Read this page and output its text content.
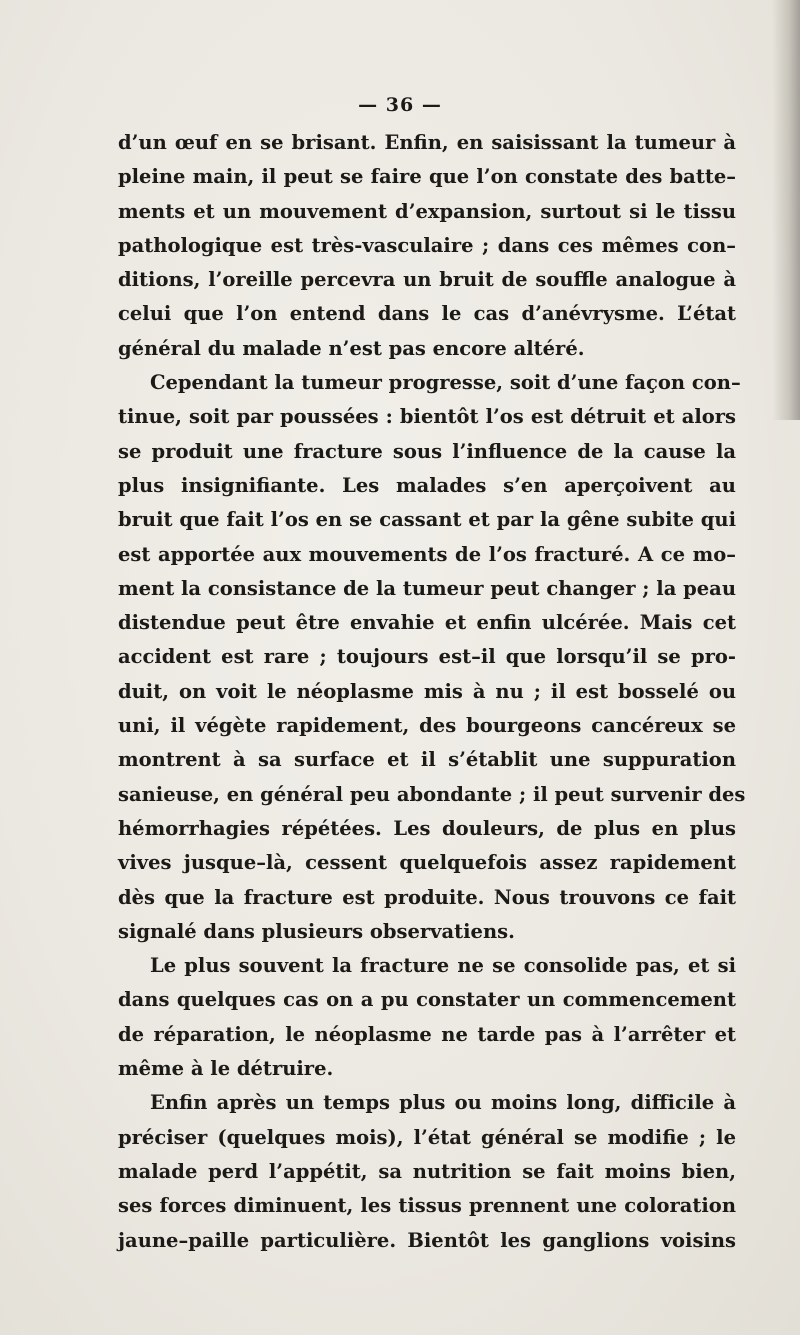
— 36 —
d’un œuf en se brisant. Enfin, en saisissant la tumeur à
pleine main, il peut se faire que l’on constate des batte–
ments et un mouvement d’expansion, surtout si le tissu
pathologique est très-vasculaire ; dans ces mêmes con–
ditions, l’oreille percevra un bruit de souffle analogue à
celui que l’on entend dans le cas d’anévrysme. L’état
général du malade n’est pas encore altéré.
Cependant la tumeur progresse, soit d’une façon con–
tinue, soit par poussées : bientôt l’os est détruit et alors
se produit une fracture sous l’influence de la cause la
plus insignifiante. Les malades s’en aperçoivent au
bruit que fait l’os en se cassant et par la gêne subite qui
est apportée aux mouvements de l’os fracturé. A ce mo–
ment la consistance de la tumeur peut changer ; la peau
distendue peut être envahie et enfin ulcérée. Mais cet
accident est rare ; toujours est–il que lorsqu’il se pro-
duit, on voit le néoplasme mis à nu ; il est bosselé ou
uni, il végète rapidement, des bourgeons cancéreux se
montrent à sa surface et il s’établit une suppuration
sanieuse, en général peu abondante ; il peut survenir des
hémorrhagies répétées. Les douleurs, de plus en plus
vives jusque–là, cessent quelquefois assez rapidement
dès que la fracture est produite. Nous trouvons ce fait
signalé dans plusieurs observatiens.
Le plus souvent la fracture ne se consolide pas, et si
dans quelques cas on a pu constater un commencement
de réparation, le néoplasme ne tarde pas à l’arrêter et
même à le détruire.
Enfin après un temps plus ou moins long, difficile à
préciser (quelques mois), l’état général se modifie ; le
malade perd l’appétit, sa nutrition se fait moins bien,
ses forces diminuent, les tissus prennent une coloration
jaune–paille particulière. Bientôt les ganglions voisins
